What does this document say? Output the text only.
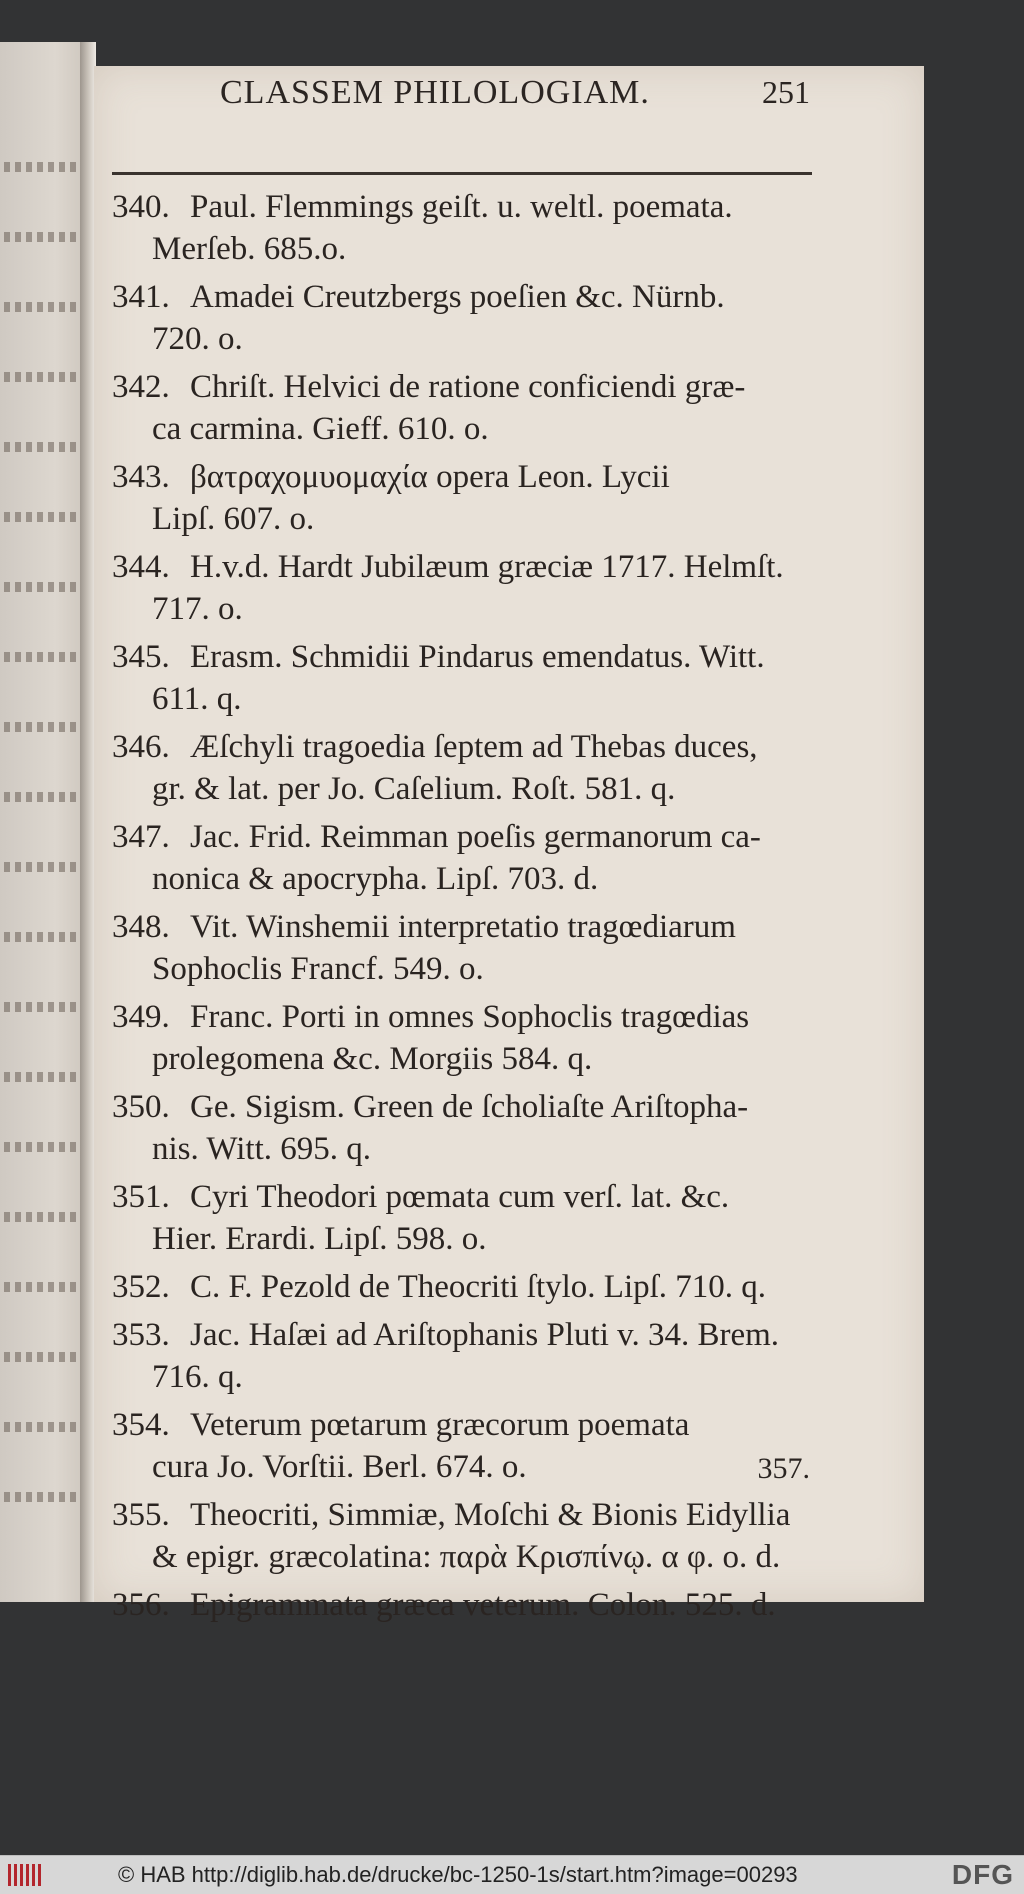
CLASSEM PHILOLOGIAM.	251
340. Paul. Flemmings geiſt. u. weltl. poemata.
Merſeb. 685.o.
341. Amadei Creutzbergs poeſien &c. Nürnb.
720. o.
342. Chriſt. Helvici de ratione conficiendi græ-
ca carmina. Gieff. 610. o.
343. βατραχομυομαχία opera Leon. Lycii
Lipſ. 607. o.
344. H.v.d. Hardt Jubilæum græciæ 1717. Helmſt.
717. o.
345. Erasm. Schmidii Pindarus emendatus. Witt.
611. q.
346. Æſchyli tragoedia ſeptem ad Thebas duces,
gr. & lat. per Jo. Caſelium. Roſt. 581. q.
347. Jac. Frid. Reimman poeſis germanorum ca-
nonica & apocrypha. Lipſ. 703. d.
348. Vit. Winshemii interpretatio tragœdiarum
Sophoclis Francf. 549. o.
349. Franc. Porti in omnes Sophoclis tragœdias
prolegomena &c. Morgiis 584. q.
350. Ge. Sigism. Green de ſcholiaſte Ariſtopha-
nis. Witt. 695. q.
351. Cyri Theodori pœmata cum verſ. lat. &c.
Hier. Erardi. Lipſ. 598. o.
352. C. F. Pezold de Theocriti ſtylo. Lipſ. 710. q.
353. Jac. Haſæi ad Ariſtophanis Pluti v. 34. Brem.
716. q.
354. Veterum pœtarum græcorum poemata
cura Jo. Vorſtii. Berl. 674. o.
355. Theocriti, Simmiæ, Moſchi & Bionis Eidyllia
& epigr. græcolatina: παρὰ Κρισπίνῳ. α φ. ο. d.
356. Epigrammata græca veterum. Colon. 525. d.
357.
© HAB http://diglib.hab.de/drucke/bc-1250-1s/start.htm?image=00293	DFG
